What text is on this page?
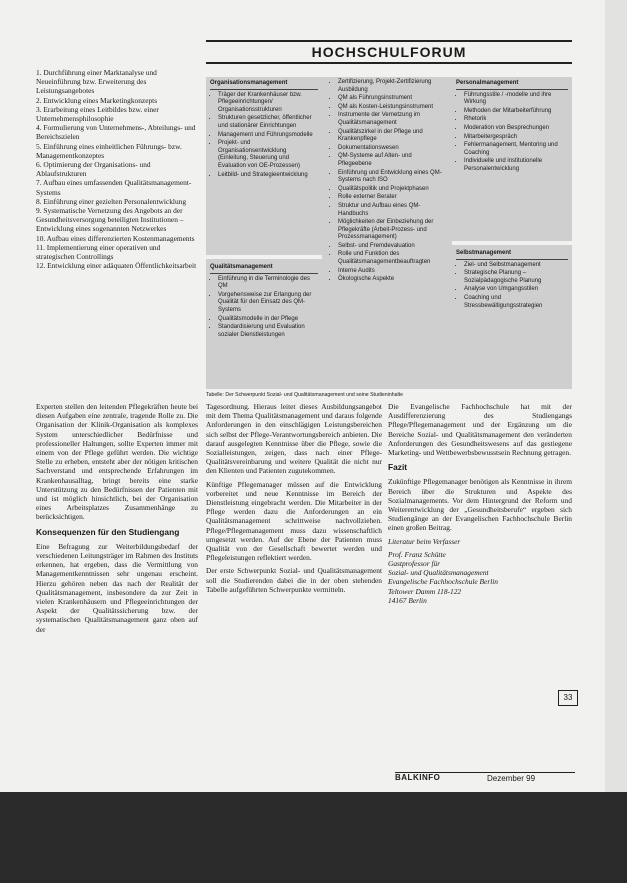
HOCHSCHULFORUM
1. Durchführung einer Marktanalyse und Neueinführung bzw. Erweiterung des Leistungsangebotes
2. Entwicklung eines Marketingkonzepts
3. Erarbeitung eines Leitbildes bzw. einer Unternehmensphilosophie
4. Formulierung von Unternehmens-, Abteilungs- und Bereichszielen
5. Einführung eines einheitlichen Führungs- bzw. Managementkonzeptes
6. Optimierung der Organisations- und Ablaufstrukturen
7. Aufbau eines umfassenden Qualitätsmanagement-Systems
8. Einführung einer gezielten Personalentwicklung
9. Systematische Vernetzung des Angebots an der Gesundheitsversorgung beteiligten Institutionen – Entwicklung eines sogenannten Netzwerkes
10. Aufbau eines differenzierten Kostenmanagements
11. Implementierung einer operativen und strategischen Controllings
12. Entwicklung einer adäquaten Öffentlichkeitsarbeit
Organisationsmanagement
• Träger der Krankenhäuser bzw. Pflegeeinrichtungen/ Organisationsstrukturen
• Strukturen gesetzlicher, öffentlicher und stationärer Einrichtungen
• Management und Führungsmodelle
• Projekt- und Organisationsentwicklung (Einleitung, Steuerung und Evaluation von OE-Prozessen)
• Leitbild- und Strategieentwicklung
Qualitätsmanagement
• Einführung in die Terminologie des QM
• Vorgehensweise zur Erlangung der Qualität für den Einsatz des QM-Systems
• Qualitätsmodelle in der Pflege
• Standardisierung und Evaluation sozialer Dienstleistungen
• Zertifizierung, Projekt-Zertifizierung Ausbildung
• QM als Führungsinstrument
• QM als Kosten-Leistungsinstrument
• Instrumente der Vernetzung im Qualitätsmanagement
• Qualitätszirkel in der Pflege und Krankenpflege
• Dokumentationswesen
• QM-Systeme auf Alten- und Pflegeebene
• Einführung und Entwicklung eines QM-Systems nach ISO
• Qualitätspolitik und Projektphasen
• Rolle externer Berater
• Struktur und Aufbau eines QM-Handbuchs
• Möglichkeiten der Einbeziehung der Pflegekräfte (Arbeit-Prozess- und Prozessmanagement)
• Selbst- und Fremdevaluation
• Rolle und Funktion des Qualitätsmanagementbeauftragten
• Interne Audits
• Ökologische Aspekte
Personalmanagement
• Führungsstile / -modelle und ihre Wirkung
• Methoden der Mitarbeiterführung
• Rhetorik
• Moderation von Besprechungen
• Mitarbeitergespräch
• Fehlermanagement, Mentoring und Coaching
• Individuelle und institutionelle Personalentwicklung
Selbstmanagement
• Ziel- und Selbstmanagement
• Strategische Planung – Sozialpädagogische Planung
• Analyse von Umgangsstilen
• Coaching und Stressbewältigungsstrategien
Tabelle: Der Schwerpunkt Sozial- und Qualitätsmanagement und seine Studieninhalte

Experten stellen den leitenden Pflegekräften heute bei diesen Aufgaben eine zentrale, tragende Rolle zu. Die Organisation der Klinik-Organisation als komplexes System unterschiedlicher Bedürfnisse und professioneller Haltungen, sollte Experten immer mit einem von der Pflege geführt werden. Die wichtige Stelle zu erheben, entsteht aber der nötigen kritischen Sachverstand und entsprechende Erfahrungen im Krankenhausalltag, bringt bereits eine starke Unterstützung zu den Bedürfnissen der Patienten mit und ist möglich hinsichtlich, bei der Organisation eines Arbeitsplatzes Zusammenhänge zu berücksichtigen.

Konsequenzen für den Studiengang

Eine Befragung zur Weiterbildungsbedarf der verschiedenen Leitungsträger im Rahmen des Instituts erkennen, hat ergeben, dass die Vermittlung von Managementkenntnissen sehr ungenau erscheint. Hierzu gehören neben das nach der Realität der Qualitätsmanagement, insbesondere da zur Zeit in vielen Krankenhäusern und Pflegeeinrichtungen der Aspekt der Qualitätssicherung bzw. der systematischen Qualitätsmanagement ganz oben auf der

Tagesordnung. Hieraus leitet dieses Ausbildungsangebot mit dem Thema Qualitätsmanagement und daraus folgende Anforderungen in den einschlägigen Leistungsbereichen sich selbst der Pflege-Verantwortungsbereich anbieten. Die darauf ausgelegten Kenntnisse über die Pflege, sowie die Sozialleistungen, zeigen, dass nach einer Pflege-Qualitätsvereinbarung und weitere Qualität die nicht nur den Klienten und Patienten zugutekommen.

Künftige Pflegemanager müssen auf die Entwicklung vorbereitet und neue Kenntnisse im Bereich der Dienstleistung eingebracht werden. Die Mitarbeiter in der Pflege werden dazu die Anforderungen an ein Qualitätsmanagement schrittweise nachvollziehen. Pflege/Pflegemanagement muss dazu wissenschaftlich umgesetzt werden. Auf der Ebene der Patienten muss Qualität von der Gesellschaft bewertet werden und Pflegeleistungen reflektiert werden.

Der erste Schwerpunkt Sozial- und Qualitätsmanagement soll die Studierenden dabei die in der oben stehenden Tabelle aufgeführten Schwerpunkte vermitteln.

Die Evangelische Fachhochschule hat mit der Ausdifferenzierung des Studiengangs Pflege/Pflegemanagement und der Ergänzung um die Bereiche Sozial- und Qualitätsmanagement den veränderten Anforderungen des Gesundheitswesens auf das gestiegene Marketing- und Wettbewerbsbewusstsein Rechnung getragen.

Fazit

Zukünftige Pflegemanager benötigen als Kenntnisse in ihrem Bereich über die Strukturen und Aspekte des Sozialmanagements. Vor dem Hintergrund der Reform und Weiterentwicklung der „Gesundheitsberufe“ ergeben sich Studiengänge an der Evangelischen Fachhochschule Berlin einen großen Beitrag.

Literatur beim Verfasser

Prof. Franz Schütte
Gastprofessor für
Sozial- und Qualitätsmanagement
Evangelische Fachhochschule Berlin
Teltower Damm 118-122
14167 Berlin
33
BALKINFO	Dezember 99
